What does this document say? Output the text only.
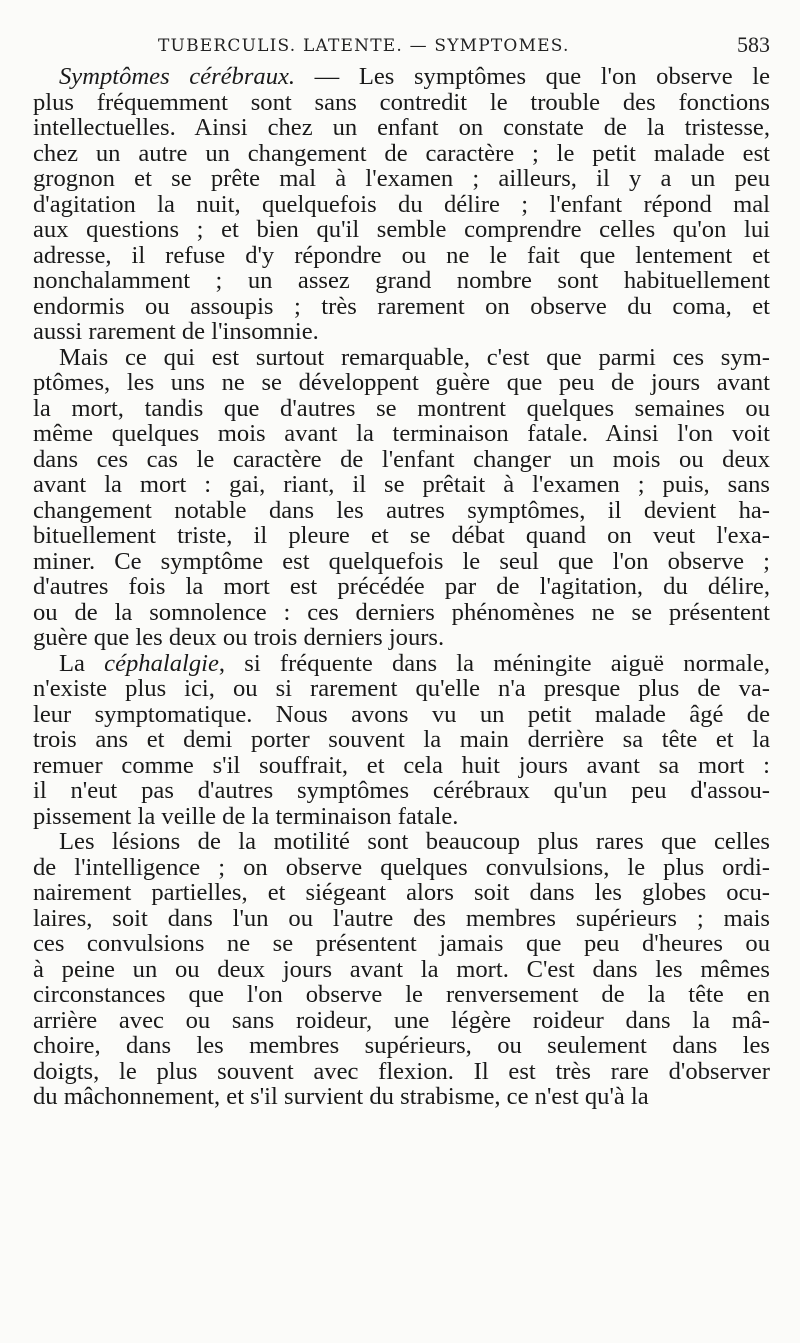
TUBERCULIS. LATENTE. — SYMPTOMES.	583
Symptômes cérébraux. — Les symptômes que l'on observe le
plus fréquemment sont sans contredit le trouble des fonctions
intellectuelles. Ainsi chez un enfant on constate de la tristesse,
chez un autre un changement de caractère ; le petit malade est
grognon et se prête mal à l'examen ; ailleurs, il y a un peu
d'agitation la nuit, quelquefois du délire ; l'enfant répond mal
aux questions ; et bien qu'il semble comprendre celles qu'on lui
adresse, il refuse d'y répondre ou ne le fait que lentement et
nonchalamment ; un assez grand nombre sont habituellement
endormis ou assoupis ; très rarement on observe du coma, et
aussi rarement de l'insomnie.
Mais ce qui est surtout remarquable, c'est que parmi ces sym-
ptômes, les uns ne se développent guère que peu de jours avant
la mort, tandis que d'autres se montrent quelques semaines ou
même quelques mois avant la terminaison fatale. Ainsi l'on voit
dans ces cas le caractère de l'enfant changer un mois ou deux
avant la mort : gai, riant, il se prêtait à l'examen ; puis, sans
changement notable dans les autres symptômes, il devient ha-
bituellement triste, il pleure et se débat quand on veut l'exa-
miner. Ce symptôme est quelquefois le seul que l'on observe ;
d'autres fois la mort est précédée par de l'agitation, du délire,
ou de la somnolence : ces derniers phénomènes ne se présentent
guère que les deux ou trois derniers jours.
La céphalalgie, si fréquente dans la méningite aiguë normale,
n'existe plus ici, ou si rarement qu'elle n'a presque plus de va-
leur symptomatique. Nous avons vu un petit malade âgé de
trois ans et demi porter souvent la main derrière sa tête et la
remuer comme s'il souffrait, et cela huit jours avant sa mort :
il n'eut pas d'autres symptômes cérébraux qu'un peu d'assou-
pissement la veille de la terminaison fatale.
Les lésions de la motilité sont beaucoup plus rares que celles
de l'intelligence ; on observe quelques convulsions, le plus ordi-
nairement partielles, et siégeant alors soit dans les globes ocu-
laires, soit dans l'un ou l'autre des membres supérieurs ; mais
ces convulsions ne se présentent jamais que peu d'heures ou
à peine un ou deux jours avant la mort. C'est dans les mêmes
circonstances que l'on observe le renversement de la tête en
arrière avec ou sans roideur, une légère roideur dans la mâ-
choire, dans les membres supérieurs, ou seulement dans les
doigts, le plus souvent avec flexion. Il est très rare d'observer
du mâchonnement, et s'il survient du strabisme, ce n'est qu'à la
